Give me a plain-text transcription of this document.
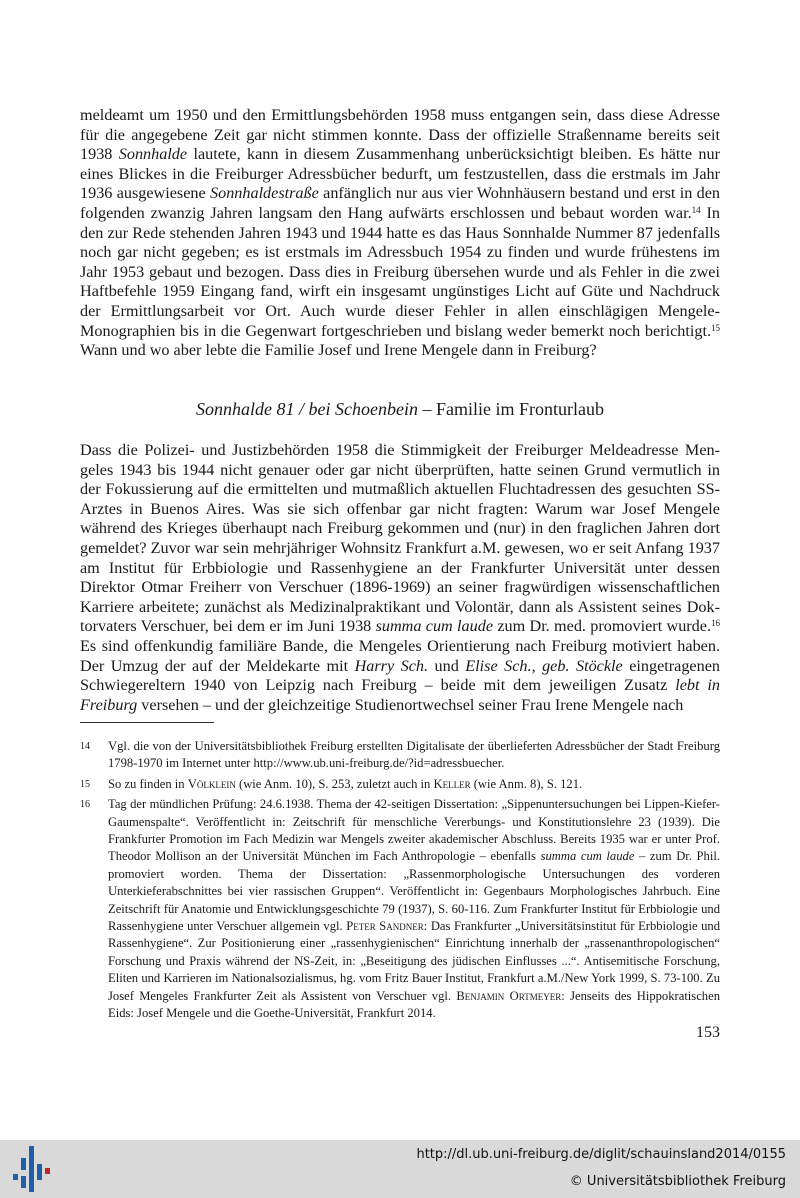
meldeamt um 1950 und den Ermittlungsbehörden 1958 muss entgangen sein, dass diese Adresse für die angegebene Zeit gar nicht stimmen konnte. Dass der offizielle Straßenname bereits seit 1938 Sonnhalde lautete, kann in diesem Zusammenhang unberücksichtigt bleiben. Es hätte nur eines Blickes in die Freiburger Adressbücher bedurft, um festzustellen, dass die erstmals im Jahr 1936 ausgewiesene Sonnhaldestraße anfänglich nur aus vier Wohnhäusern bestand und erst in den folgenden zwanzig Jahren langsam den Hang aufwärts erschlossen und bebaut worden war.$^{14}$ In den zur Rede stehenden Jahren 1943 und 1944 hatte es das Haus Sonnhalde Nummer 87 jedenfalls noch gar nicht gegeben; es ist erstmals im Adressbuch 1954 zu finden und wurde frühestens im Jahr 1953 gebaut und bezogen. Dass dies in Freiburg übersehen wurde und als Fehler in die zwei Haftbefehle 1959 Eingang fand, wirft ein insgesamt ungünstiges Licht auf Güte und Nachdruck der Ermittlungsarbeit vor Ort. Auch wurde dieser Fehler in allen einschlägigen Mengele-Monographien bis in die Gegenwart fortgeschrieben und bislang weder bemerkt noch berichtigt.$^{15}$ Wann und wo aber lebte die Familie Josef und Irene Mengele dann in Freiburg?

Sonnhalde 81 / bei Schoenbein – Familie im Fronturlaub

Dass die Polizei- und Justizbehörden 1958 die Stimmigkeit der Freiburger Meldeadresse Mengeles 1943 bis 1944 nicht genauer oder gar nicht überprüften, hatte seinen Grund vermutlich in der Fokussierung auf die ermittelten und mutmaßlich aktuellen Fluchtadressen des gesuchten SS-Arztes in Buenos Aires. Was sie sich offenbar gar nicht fragten: Warum war Josef Mengele während des Krieges überhaupt nach Freiburg gekommen und (nur) in den fraglichen Jahren dort gemeldet? Zuvor war sein mehrjähriger Wohnsitz Frankfurt a.M. gewesen, wo er seit Anfang 1937 am Institut für Erbbiologie und Rassenhygiene an der Frankfurter Universität unter dessen Direktor Otmar Freiherr von Verschuer (1896-1969) an seiner fragwürdigen wissenschaftlichen Karriere arbeitete; zunächst als Medizinalpraktikant und Volontär, dann als Assistent seines Doktorvaters Verschuer, bei dem er im Juni 1938 summa cum laude zum Dr. med. promoviert wurde.$^{16}$ Es sind offenkundig familiäre Bande, die Mengeles Orientierung nach Freiburg motiviert haben. Der Umzug der auf der Meldekarte mit Harry Sch. und Elise Sch., geb. Stöckle eingetragenen Schwiegereltern 1940 von Leipzig nach Freiburg – beide mit dem jeweiligen Zusatz lebt in Freiburg versehen – und der gleichzeitige Studienortwechsel seiner Frau Irene Mengele nach

14 Vgl. die von der Universitätsbibliothek Freiburg erstellten Digitalisate der überlieferten Adressbücher der Stadt Freiburg 1798-1970 im Internet unter http://www.ub.uni-freiburg.de/?id=adressbuecher.
15 So zu finden in Völklein (wie Anm. 10), S. 253, zuletzt auch in Keller (wie Anm. 8), S. 121.
16 Tag der mündlichen Prüfung: 24.6.1938. Thema der 42-seitigen Dissertation: „Sippenuntersuchungen bei Lippen-Kiefer-Gaumenspalte“. Veröffentlicht in: Zeitschrift für menschliche Vererbungs- und Konstitutionslehre 23 (1939). Die Frankfurter Promotion im Fach Medizin war Mengels zweiter akademischer Abschluss. Bereits 1935 war er unter Prof. Theodor Mollison an der Universität München im Fach Anthropologie – ebenfalls summa cum laude – zum Dr. Phil. promoviert worden. Thema der Dissertation: „Rassenmorphologische Untersuchungen des vorderen Unterkieferabschnittes bei vier rassischen Gruppen“. Veröffentlicht in: Gegenbaurs Morphologisches Jahrbuch. Eine Zeitschrift für Anatomie und Entwicklungsgeschichte 79 (1937), S. 60-116. Zum Frankfurter Institut für Erbbiologie und Rassenhygiene unter Verschuer allgemein vgl. Peter Sandner: Das Frankfurter „Universitätsinstitut für Erbbiologie und Rassenhygiene“. Zur Positionierung einer „rassenhygienischen“ Einrichtung innerhalb der „rassenanthropologischen“ Forschung und Praxis während der NS-Zeit, in: „Beseitigung des jüdischen Einflusses ...“. Antisemitische Forschung, Eliten und Karrieren im Nationalsozialismus, hg. vom Fritz Bauer Institut, Frankfurt a.M./New York 1999, S. 73-100. Zu Josef Mengeles Frankfurter Zeit als Assistent von Verschuer vgl. Benjamin Ortmeyer: Jenseits des Hippokratischen Eids: Josef Mengele und die Goethe-Universität, Frankfurt 2014.
153
http://dl.ub.uni-freiburg.de/diglit/schauinsland2014/0155
© Universitätsbibliothek Freiburg
